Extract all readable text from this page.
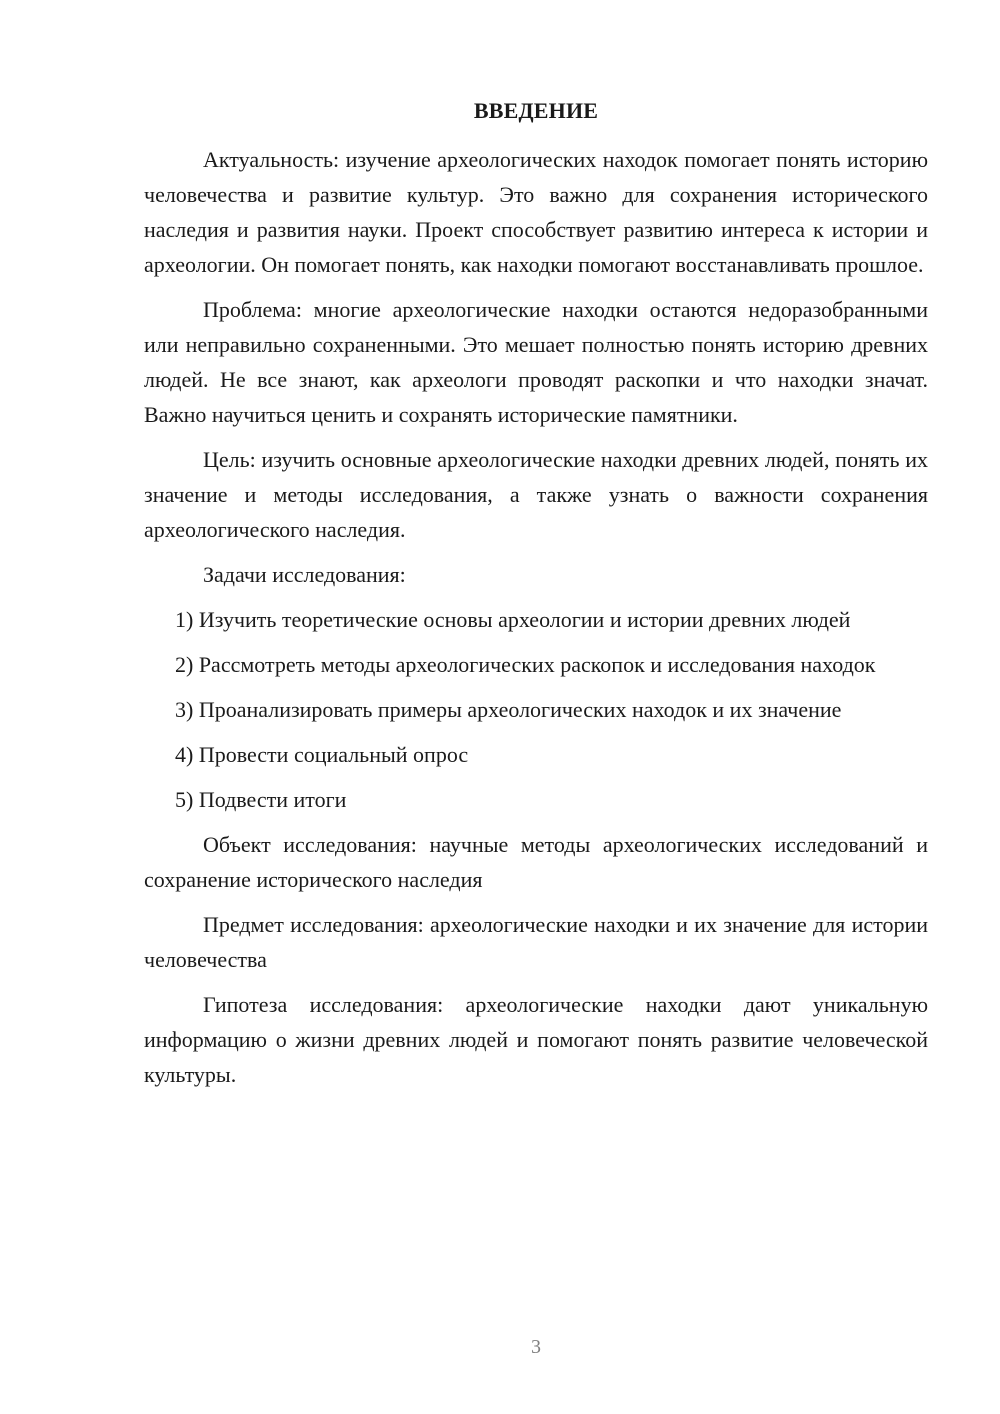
ВВЕДЕНИЕ

Актуальность: изучение археологических находок помогает понять историю человечества и развитие культур. Это важно для сохранения исторического наследия и развития науки. Проект способствует развитию интереса к истории и археологии. Он помогает понять, как находки помогают восстанавливать прошлое.

Проблема: многие археологические находки остаются недоразобранными или неправильно сохраненными. Это мешает полностью понять историю древних людей. Не все знают, как археологи проводят раскопки и что находки значат. Важно научиться ценить и сохранять исторические памятники.

Цель: изучить основные археологические находки древних людей, понять их значение и методы исследования, а также узнать о важности сохранения археологического наследия.

Задачи исследования:

1) Изучить теоретические основы археологии и истории древних людей

2) Рассмотреть методы археологических раскопок и исследования находок

3) Проанализировать примеры археологических находок и их значение

4) Провести социальный опрос

5) Подвести итоги

Объект исследования: научные методы археологических исследований и сохранение исторического наследия

Предмет исследования: археологические находки и их значение для истории человечества

Гипотеза исследования: археологические находки дают уникальную информацию о жизни древних людей и помогают понять развитие человеческой культуры.

3
